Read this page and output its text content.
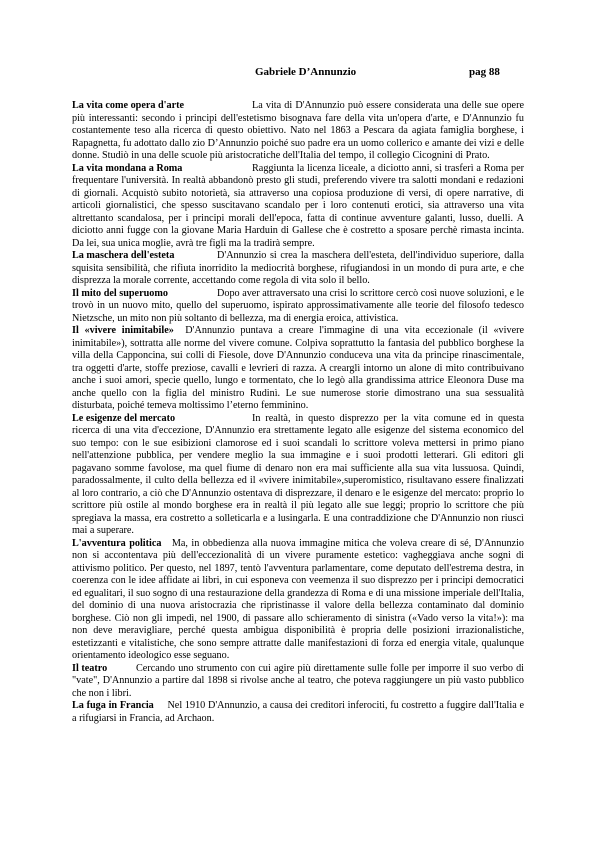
Gabriele D’Annunzio	pag 88

La vita come opera d'arte	La vita di D'Annunzio può essere considerata una delle sue opere più interessanti: secondo i principi dell'estetismo bisognava fare della vita un'opera d'arte, e D'Annunzio fu costantemente teso alla ricerca di questo obiettivo. Nato nel 1863 a Pescara da agiata famiglia borghese, i Rapagnetta, fu adottato dallo zio D’Annunzio poiché suo padre era un uomo collerico e amante dei vizi e delle donne. Studiò in una delle scuole più aristocratiche dell'Italia del tempo, il collegio Cicognini di Prato.

La vita mondana a Roma	Raggiunta la licenza liceale, a diciotto anni, si trasferì a Roma per frequentare l'università. In realtà abbandonò presto gli studi, preferendo vivere tra salotti mondani e redazioni di giornali. Acquistò subito notorietà, sia attraverso una copiosa produzione di versi, di opere narrative, di articoli giornalistici, che spesso suscitavano scandalo per i loro contenuti erotici, sia attraverso una vita altrettanto scandalosa, per i principi morali dell'epoca, fatta di continue avventure galanti, lusso, duelli. A diciotto anni fugge con la giovane Maria Harduin di Gallese che è costretto a sposare perchè rimasta incinta. Da lei, sua unica moglie, avrà tre figli ma la tradirà sempre.

La maschera dell'esteta	D'Annunzio si crea la maschera dell'esteta, dell'individuo superiore, dalla squisita sensibilità, che rifiuta inorridito la mediocrità borghese, rifugiandosi in un mondo di pura arte, e che disprezza la morale corrente, accettando come regola di vita solo il bello.

Il mito del superuomo	Dopo aver attraversato una crisi lo scrittore cercò così nuove soluzioni, e le trovò in un nuovo mito, quello del superuomo, ispirato approssimativamente alle teorie del filosofo tedesco Nietzsche, un mito non più soltanto di bellezza, ma di energia eroica, attivistica.

Il «vivere inimitabile» D'Annunzio puntava a creare l'immagine di una vita eccezionale (il «vivere inimitabile»), sottratta alle norme del vivere comune. Colpiva soprattutto la fantasia del pubblico borghese la villa della Capponcina, sui colli di Fiesole, dove D'Annunzio conduceva una vita da principe rinascimentale, tra oggetti d'arte, stoffe preziose, cavalli e levrieri di razza. A crearglì intorno un alone di mito contribuivano anche i suoi amori, specie quello, lungo e tormentato, che lo legò alla grandissima attrice Eleonora Duse ma anche quello con la figlia del ministro Rudinì. Le sue numerose storie dimostrano una sua sessualità disturbata, poiché temeva moltissimo l’eterno femminino.

Le esigenze del mercato	In realtà, in questo disprezzo per la vita comune ed in questa ricerca di una vita d'eccezione, D'Annunzio era strettamente legato alle esigenze del sistema economico del suo tempo: con le sue esibizioni clamorose ed i suoi scandali lo scrittore voleva mettersi in primo piano nell'attenzione pubblica, per vendere meglio la sua immagine e i suoi prodotti letterari. Gli editori gli pagavano somme favolose, ma quel fiume di denaro non era mai sufficiente alla sua vita lussuosa. Quindi, paradossalmente, il culto della bellezza ed il «vivere inimitabile»,superomistico, risultavano essere finalizzati al loro contrario, a ciò che D'Annunzio ostentava di disprezzare, il denaro e le esigenze del mercato: proprio lo scrittore più ostile al mondo borghese era in realtà il più legato alle sue leggi; proprio lo scrittore che più spregiava la massa, era costretto a solleticarla e a lusingarla. E una contraddizione che D'Annunzio non riuscì mai a superare.

L'avventura politica Ma, in obbedienza alla nuova immagine mitica che voleva creare di sé, D'Annunzio non si accontentava più dell'eccezionalità di un vivere puramente estetico: vagheggiava anche sogni di attivismo politico. Per questo, nel 1897, tentò l'avventura parlamentare, come deputato dell'estrema destra, in coerenza con le idee affidate ai libri, in cui esponeva con veemenza il suo disprezzo per i principi democratici ed egualitari, il suo sogno di una restaurazione della grandezza di Roma e di una missione imperiale dell'Italia, del dominio di una nuova aristocrazia che ripristinasse il valore della bellezza contaminato dal dominio borghese. Ciò non gli impedì, nel 1900, di passare allo schieramento di sinistra («Vado verso la vita!»): ma non deve meravigliare, perché questa ambigua disponibilità è propria delle posizioni irrazionalistiche, estetizzanti e vitalistiche, che sono sempre attratte dalle manifestazioni di forza ed energia vitale, qualunque orientamento ideologico esse seguano.

Il teatro	Cercando uno strumento con cui agire più direttamente sulle folle per imporre il suo verbo di "vate", D'Annunzio a partire dal 1898 si rivolse anche al teatro, che poteva raggiungere un più vasto pubblico che non i libri.

La fuga in Francia Nel 1910 D'Annunzio, a causa dei creditori inferociti, fu costretto a fuggire dall'Italia e a rifugiarsi in Francia, ad Archaon.
